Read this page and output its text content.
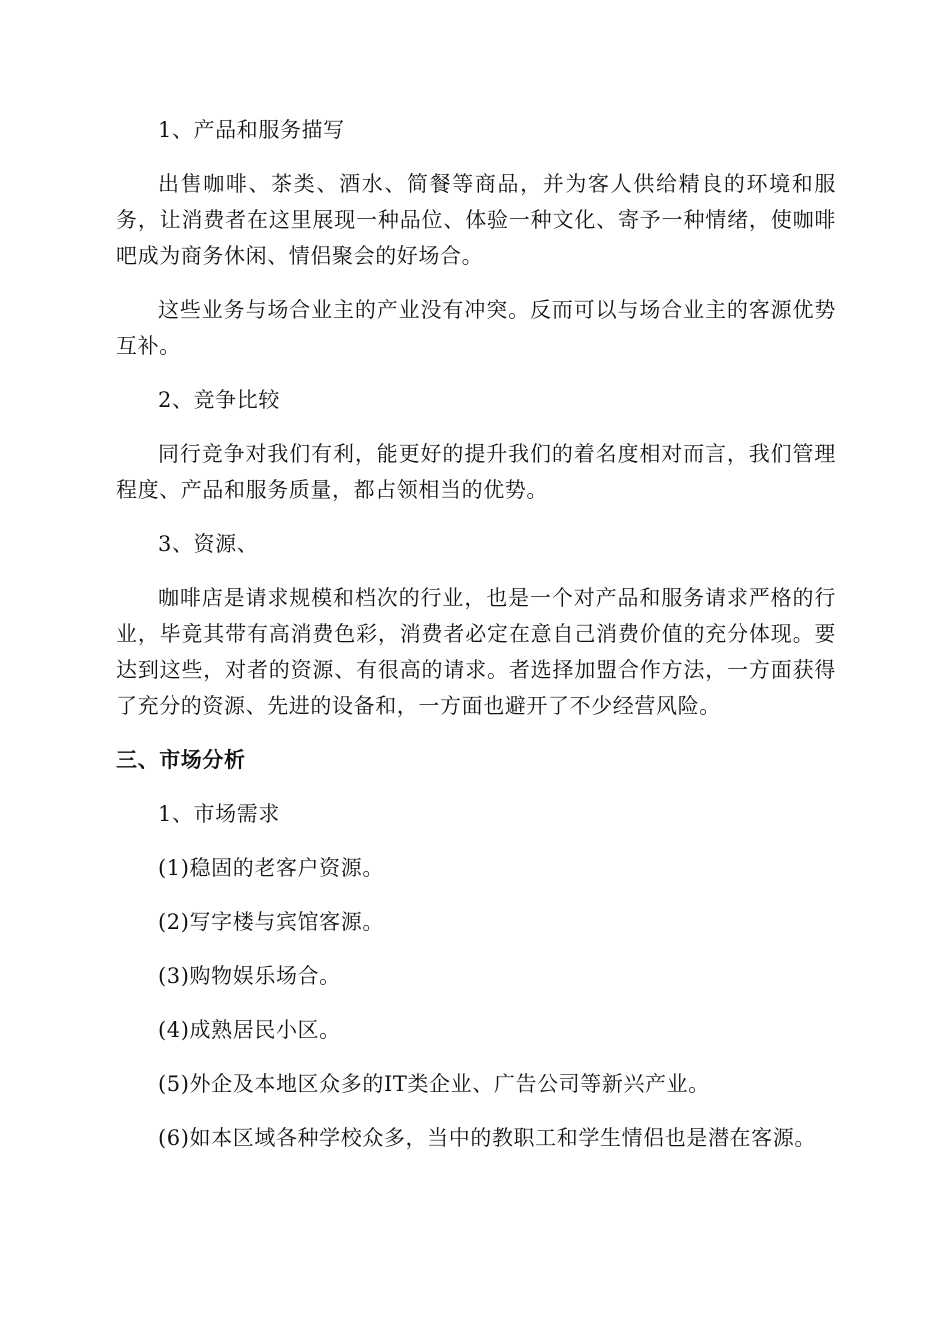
1、产品和服务描写

出售咖啡、茶类、酒水、简餐等商品，并为客人供给精良的环境和服务，让消费者在这里展现一种品位、体验一种文化、寄予一种情绪，使咖啡吧成为商务休闲、情侣聚会的好场合。

这些业务与场合业主的产业没有冲突。反而可以与场合业主的客源优势互补。

2、竞争比较

同行竞争对我们有利，能更好的提升我们的着名度相对而言，我们管理程度、产品和服务质量，都占领相当的优势。

3、资源、

咖啡店是请求规模和档次的行业，也是一个对产品和服务请求严格的行业，毕竟其带有高消费色彩，消费者必定在意自己消费价值的充分体现。要达到这些，对者的资源、有很高的请求。者选择加盟合作方法，一方面获得了充分的资源、先进的设备和，一方面也避开了不少经营风险。

三、市场分析

1、市场需求

(1)稳固的老客户资源。

(2)写字楼与宾馆客源。

(3)购物娱乐场合。

(4)成熟居民小区。

(5)外企及本地区众多的IT类企业、广告公司等新兴产业。

(6)如本区域各种学校众多，当中的教职工和学生情侣也是潜在客源。
